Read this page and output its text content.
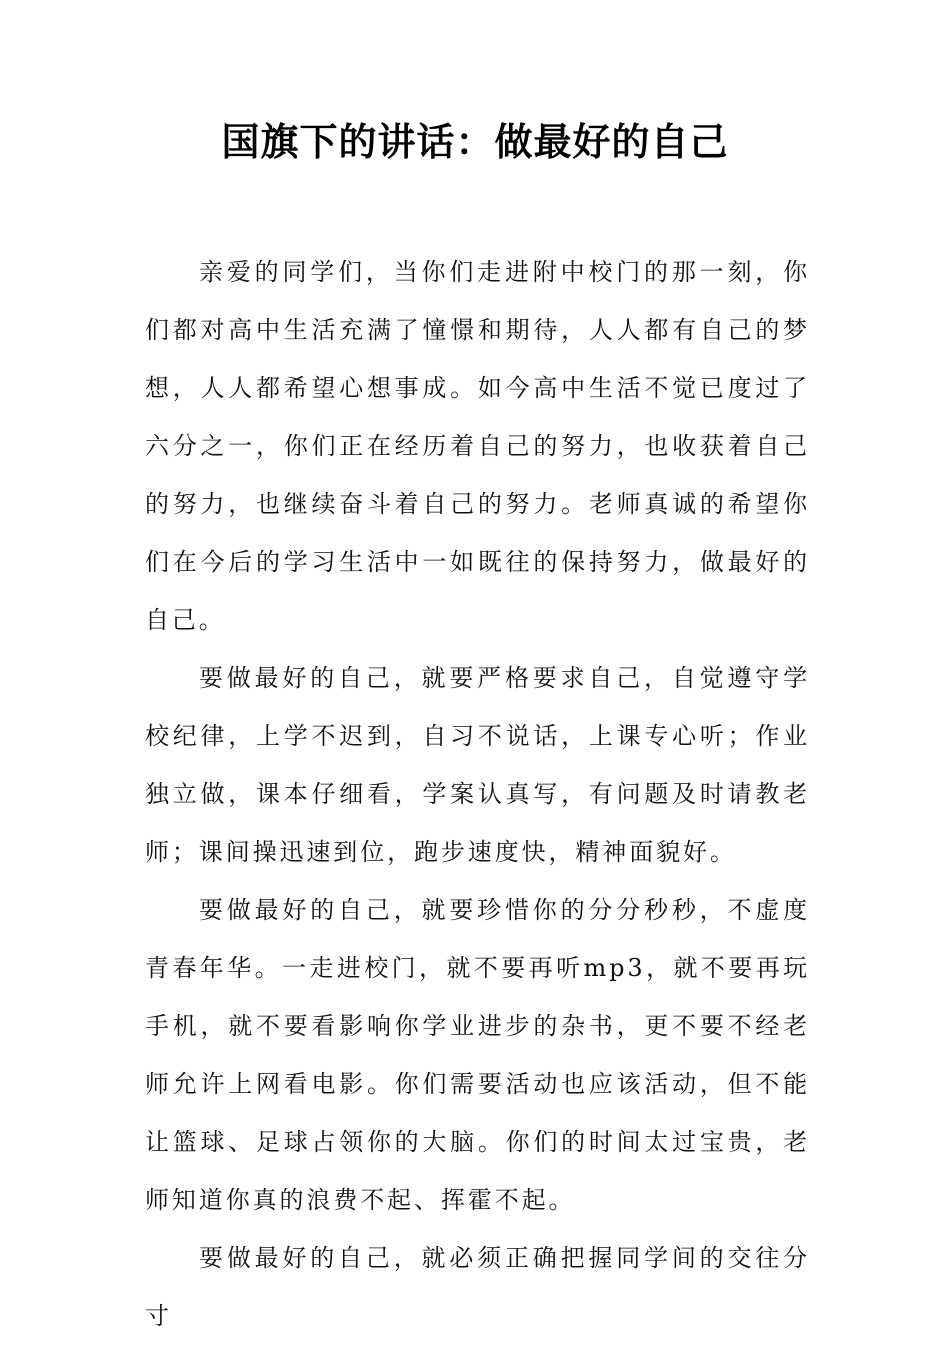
国旗下的讲话：做最好的自己

亲爱的同学们，当你们走进附中校门的那一刻，你们都对高中生活充满了憧憬和期待，人人都有自己的梦想，人人都希望心想事成。如今高中生活不觉已度过了六分之一，你们正在经历着自己的努力，也收获着自己的努力，也继续奋斗着自己的努力。老师真诚的希望你们在今后的学习生活中一如既往的保持努力，做最好的自己。

要做最好的自己，就要严格要求自己，自觉遵守学校纪律，上学不迟到，自习不说话，上课专心听；作业独立做，课本仔细看，学案认真写，有问题及时请教老师；课间操迅速到位，跑步速度快，精神面貌好。

要做最好的自己，就要珍惜你的分分秒秒，不虚度青春年华。一走进校门，就不要再听mp3，就不要再玩手机，就不要看影响你学业进步的杂书，更不要不经老师允许上网看电影。你们需要活动也应该活动，但不能让篮球、足球占领你的大脑。你们的时间太过宝贵，老师知道你真的浪费不起、挥霍不起。

要做最好的自己，就必须正确把握同学间的交往分寸
